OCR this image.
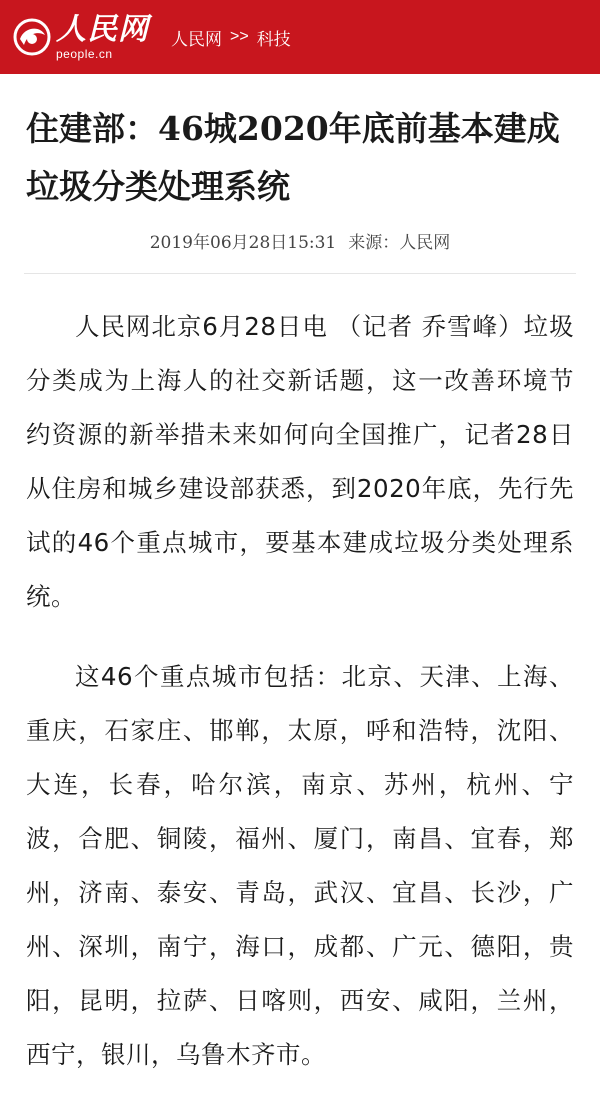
人民网
people.cn
人民网 >> 科技
住建部：46城2020年底前基本建成垃圾分类处理系统
2019年06月28日15:31 来源：人民网

人民网北京6月28日电 （记者 乔雪峰）垃圾分类成为上海人的社交新话题，这一改善环境节约资源的新举措未来如何向全国推广，记者28日从住房和城乡建设部获悉，到2020年底，先行先试的46个重点城市，要基本建成垃圾分类处理系统。

这46个重点城市包括：北京、天津、上海、重庆，石家庄、邯郸，太原，呼和浩特，沈阳、大连，长春，哈尔滨，南京、苏州，杭州、宁波，合肥、铜陵，福州、厦门，南昌、宜春，郑州，济南、泰安、青岛，武汉、宜昌、长沙，广州、深圳，南宁，海口，成都、广元、德阳，贵阳，昆明，拉萨、日喀则，西安、咸阳，兰州，西宁，银川，乌鲁木齐市。
